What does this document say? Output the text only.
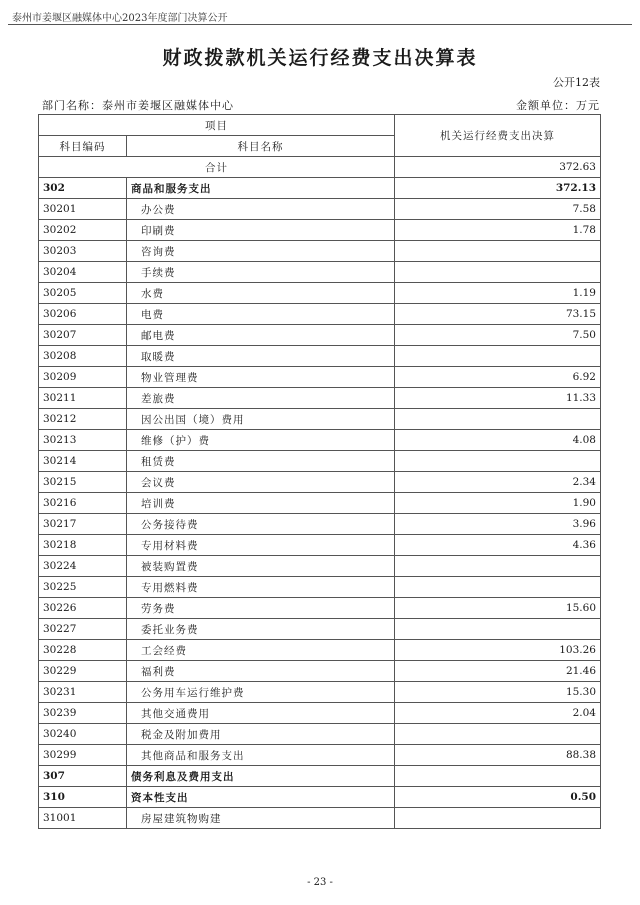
泰州市姜堰区融媒体中心2023年度部门决算公开
财政拨款机关运行经费支出决算表
公开12表
部门名称：泰州市姜堰区融媒体中心	金额单位：万元
项目		机关运行经费支出决算
科目编码	科目名称	
合计		372.63
302	商品和服务支出	372.13
30201	办公费	7.58
30202	印刷费	1.78
30203	咨询费	
30204	手续费	
30205	水费	1.19
30206	电费	73.15
30207	邮电费	7.50
30208	取暖费	
30209	物业管理费	6.92
30211	差旅费	11.33
30212	因公出国（境）费用	
30213	维修（护）费	4.08
30214	租赁费	
30215	会议费	2.34
30216	培训费	1.90
30217	公务接待费	3.96
30218	专用材料费	4.36
30224	被装购置费	
30225	专用燃料费	
30226	劳务费	15.60
30227	委托业务费	
30228	工会经费	103.26
30229	福利费	21.46
30231	公务用车运行维护费	15.30
30239	其他交通费用	2.04
30240	税金及附加费用	
30299	其他商品和服务支出	88.38
307	债务利息及费用支出	
310	资本性支出	0.50
31001	房屋建筑物购建	
- 23 -
